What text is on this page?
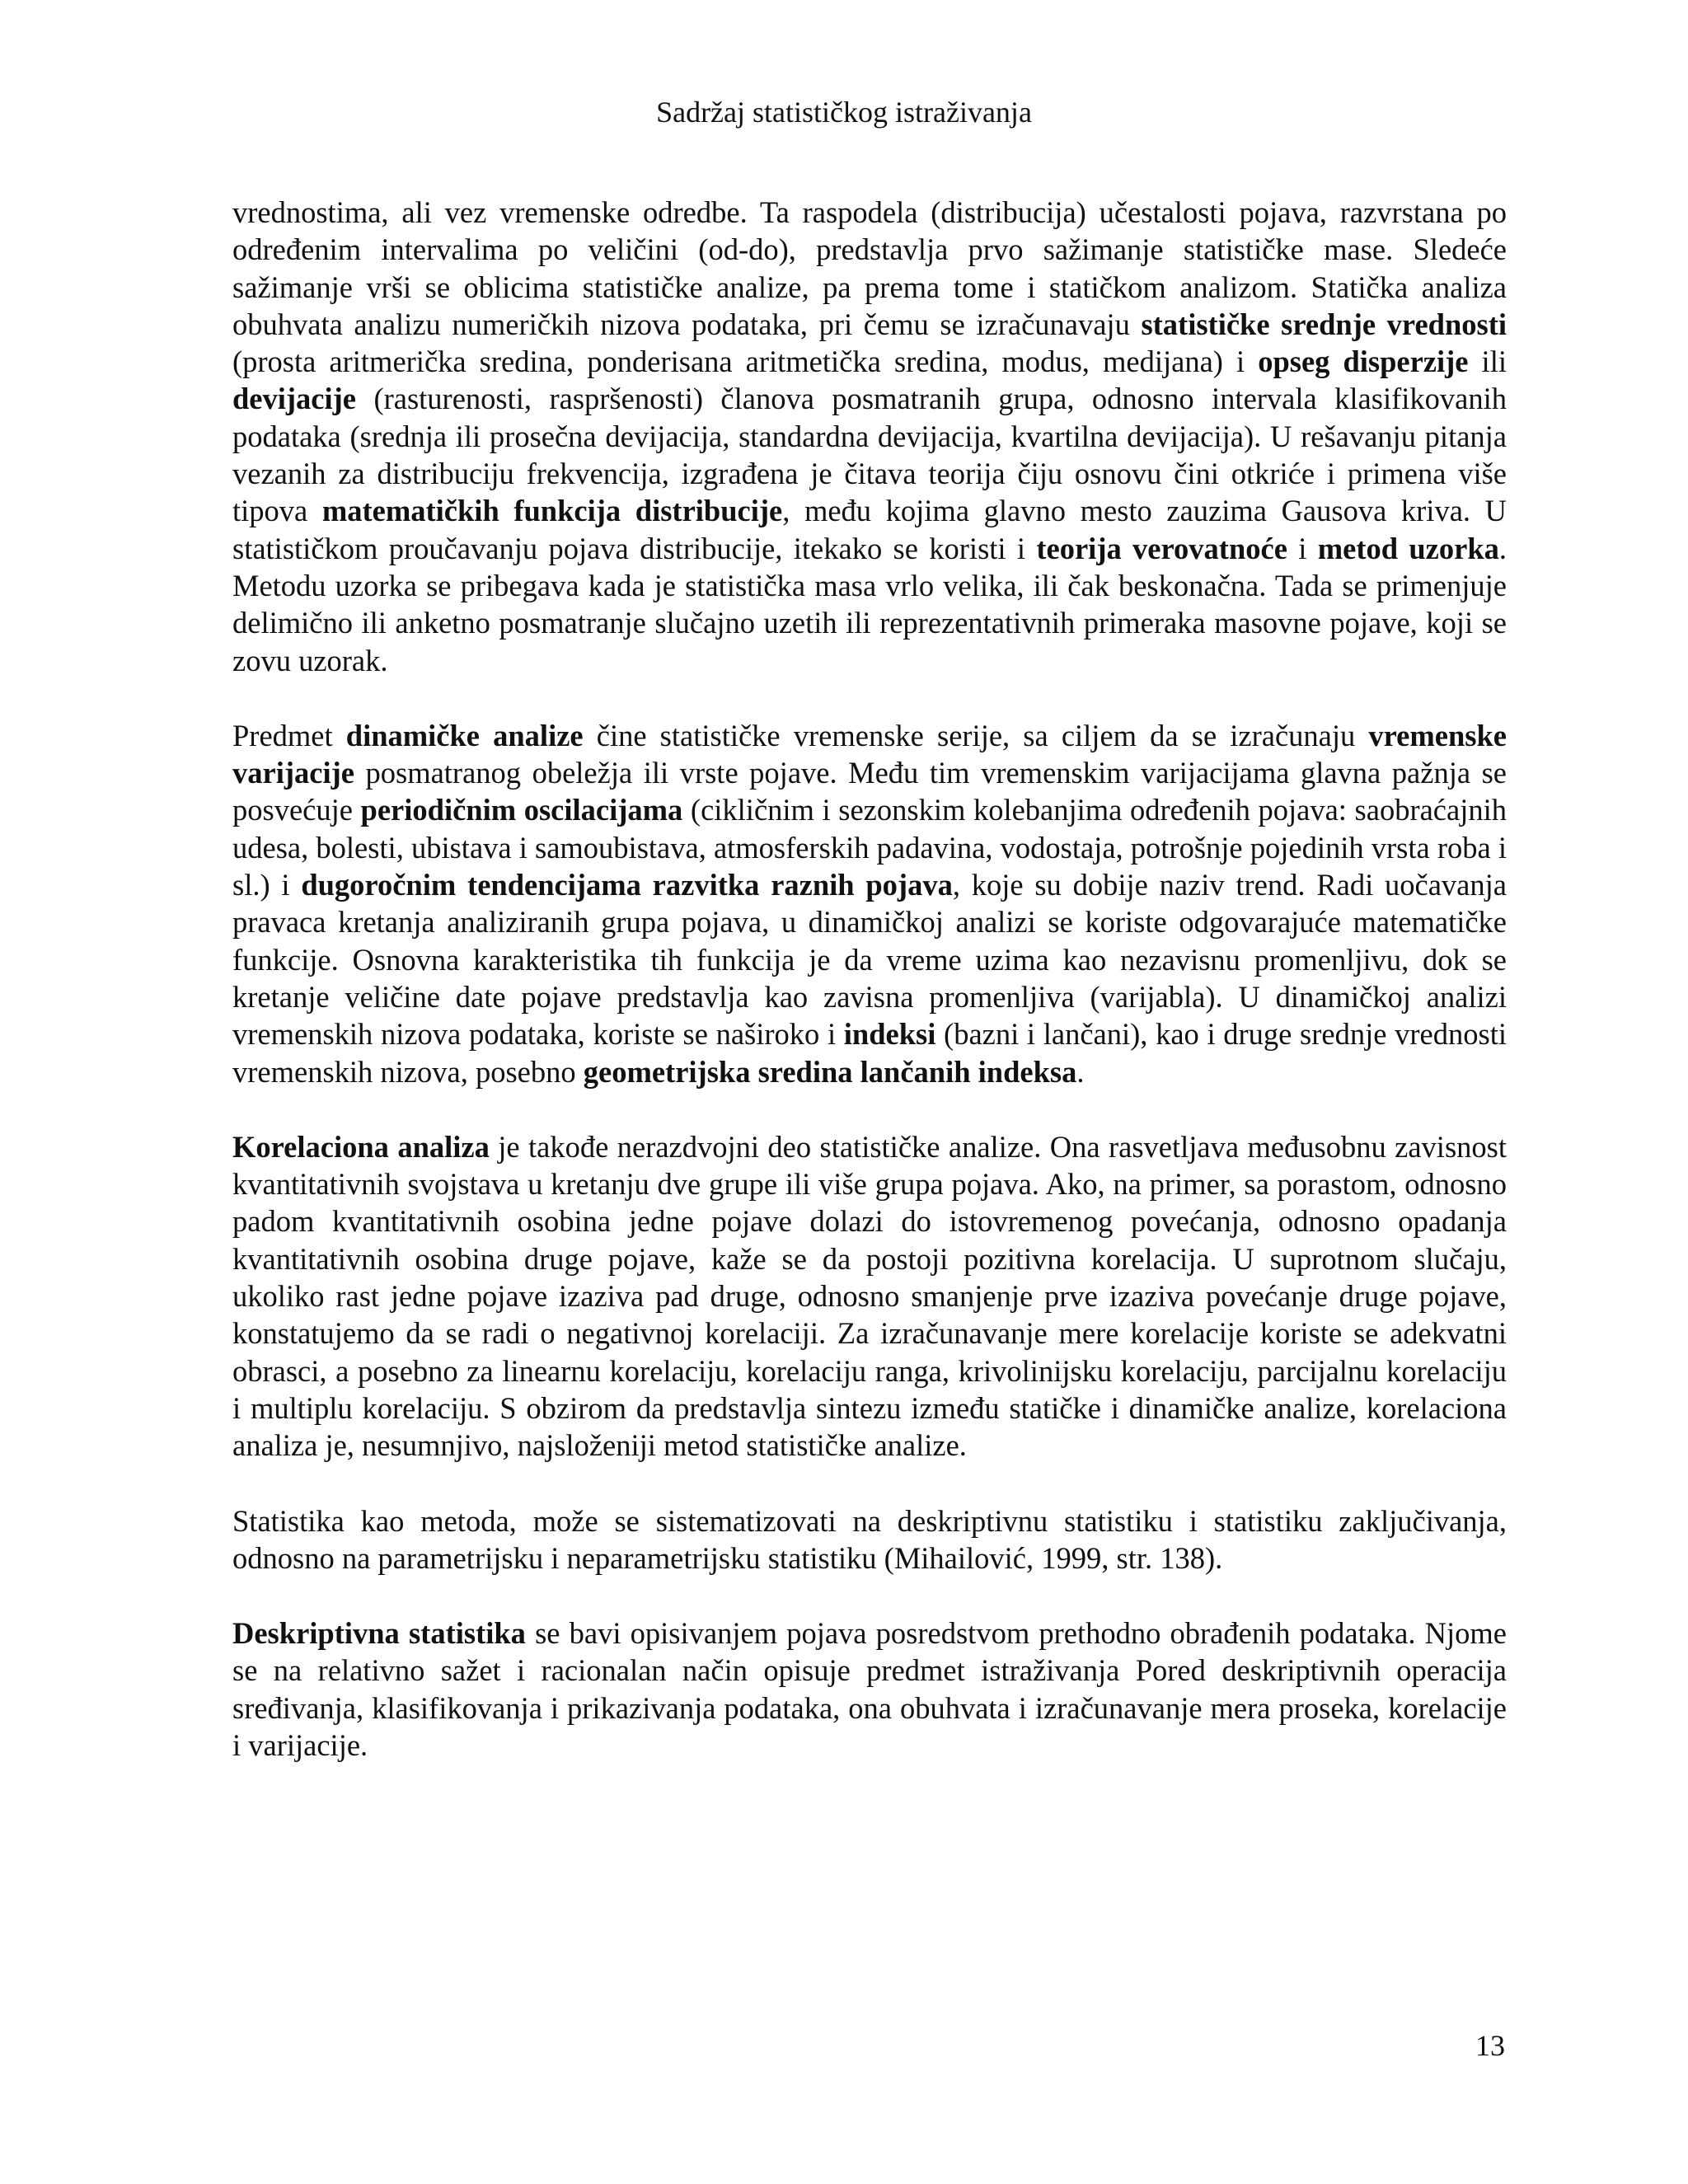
Sadržaj statističkog istraživanja

vrednostima, ali vez vremenske odredbe. Ta raspodela (distribucija) učestalosti pojava, razvrstana po određenim intervalima po veličini (od-do), predstavlja prvo sažimanje statističke mase. Sledeće sažimanje vrši se oblicima statističke analize, pa prema tome i statičkom analizom. Statička analiza obuhvata analizu numeričkih nizova podataka, pri čemu se izračunavaju statističke srednje vrednosti (prosta aritmerička sredina, ponderisana aritmetička sredina, modus, medijana) i opseg disperzije ili devijacije (rasturenosti, raspršenosti) članova posmatranih grupa, odnosno intervala klasifikovanih podataka (srednja ili prosečna devijacija, standardna devijacija, kvartilna devijacija). U rešavanju pitanja vezanih za distribuciju frekvencija, izgrađena je čitava teorija čiju osnovu čini otkriće i primena više tipova matematičkih funkcija distribucije, među kojima glavno mesto zauzima Gausova kriva. U statističkom proučavanju pojava distribucije, itekako se koristi i teorija verovatnoće i metod uzorka. Metodu uzorka se pribegava kada je statistička masa vrlo velika, ili čak beskonačna. Tada se primenjuje delimično ili anketno posmatranje slučajno uzetih ili reprezentativnih primeraka masovne pojave, koji se zovu uzorak.

Predmet dinamičke analize čine statističke vremenske serije, sa ciljem da se izračunaju vremenske varijacije posmatranog obeležja ili vrste pojave. Među tim vremenskim varijacijama glavna pažnja se posvećuje periodičnim oscilacijama (cikličnim i sezonskim kolebanjima određenih pojava: saobraćajnih udesa, bolesti, ubistava i samoubistava, atmosferskih padavina, vodostaja, potrošnje pojedinih vrsta roba i sl.) i dugoročnim tendencijama razvitka raznih pojava, koje su dobije naziv trend. Radi uočavanja pravaca kretanja analiziranih grupa pojava, u dinamičkoj analizi se koriste odgovarajuće matematičke funkcije. Osnovna karakteristika tih funkcija je da vreme uzima kao nezavisnu promenljivu, dok se kretanje veličine date pojave predstavlja kao zavisna promenljiva (varijabla). U dinamičkoj analizi vremenskih nizova podataka, koriste se naširoko i indeksi (bazni i lančani), kao i druge srednje vrednosti vremenskih nizova, posebno geometrijska sredina lančanih indeksa.

Korelaciona analiza je takođe nerazdvojni deo statističke analize. Ona rasvetljava međusobnu zavisnost kvantitativnih svojstava u kretanju dve grupe ili više grupa pojava. Ako, na primer, sa porastom, odnosno padom kvantitativnih osobina jedne pojave dolazi do istovremenog povećanja, odnosno opadanja kvantitativnih osobina druge pojave, kaže se da postoji pozitivna korelacija. U suprotnom slučaju, ukoliko rast jedne pojave izaziva pad druge, odnosno smanjenje prve izaziva povećanje druge pojave, konstatujemo da se radi o negativnoj korelaciji. Za izračunavanje mere korelacije koriste se adekvatni obrasci, a posebno za linearnu korelaciju, korelaciju ranga, krivolinijsku korelaciju, parcijalnu korelaciju i multiplu korelaciju. S obzirom da predstavlja sintezu između statičke i dinamičke analize, korelaciona analiza je, nesumnjivo, najsloženiji metod statističke analize.

Statistika kao metoda, može se sistematizovati na deskriptivnu statistiku i statistiku zaključivanja, odnosno na parametrijsku i neparametrijsku statistiku (Mihailović, 1999, str. 138).

Deskriptivna statistika se bavi opisivanjem pojava posredstvom prethodno obrađenih podataka. Njome se na relativno sažet i racionalan način opisuje predmet istraživanja Pored deskriptivnih operacija sređivanja, klasifikovanja i prikazivanja podataka, ona obuhvata i izračunavanje mera proseka, korelacije i varijacije.

13
